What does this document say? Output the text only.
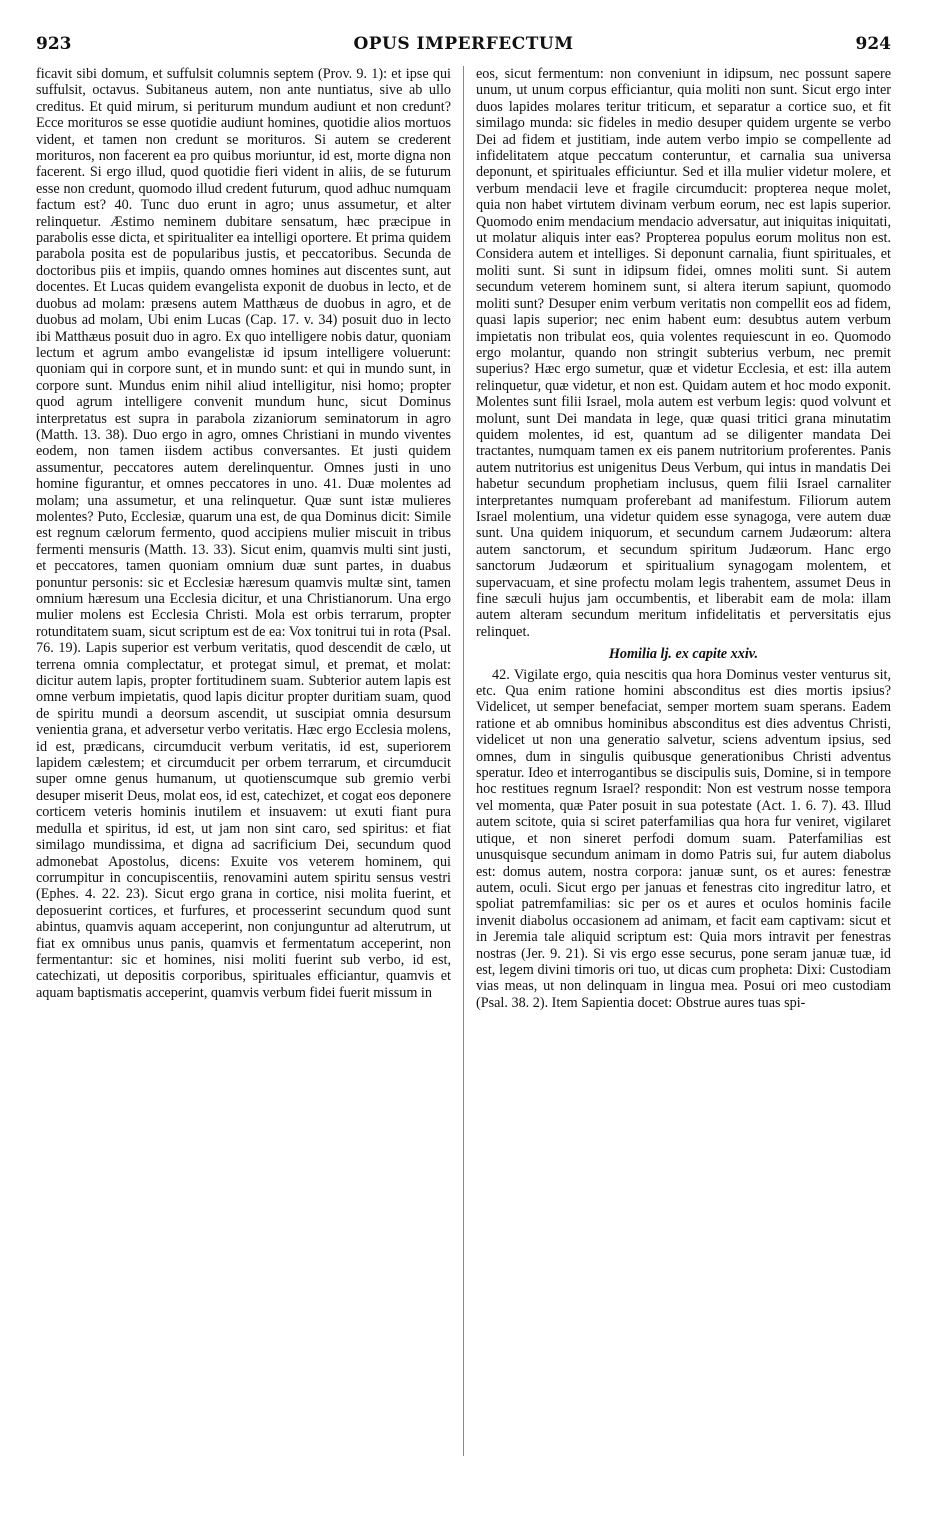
923	OPUS IMPERFECTUM	924

ficavit sibi domum, et suffulsit columnis septem (Prov. 9. 1): et ipse qui suffulsit, octavus. Subitaneus autem, non ante nuntiatus, sive ab ullo creditus. Et quid mirum, si periturum mundum audiunt et non credunt? Ecce morituros se esse quotidie audiunt homines, quotidie alios mortuos vident, et tamen non credunt se morituros. Si autem se crederent morituros, non facerent ea pro quibus moriuntur, id est, morte digna non facerent. Si ergo illud, quod quotidie fieri vident in aliis, de se futurum esse non credunt, quomodo illud credent futurum, quod adhuc numquam factum est? 40. Tunc duo erunt in agro; unus assumetur, et alter relinquetur. Æstimo neminem dubitare sensatum, hæc præcipue in parabolis esse dicta, et spiritualiter ea intelligi oportere. Et prima quidem parabola posita est de popularibus justis, et peccatoribus. Secunda de doctoribus piis et impiis, quando omnes homines aut discentes sunt, aut docentes. Et Lucas quidem evangelista exponit de duobus in lecto, et de duobus ad molam: præsens autem Matthæus de duobus in agro, et de duobus ad molam, Ubi enim Lucas (Cap. 17. v. 34) posuit duo in lecto ibi Matthæus posuit duo in agro. Ex quo intelligere nobis datur, quoniam lectum et agrum ambo evangelistæ id ipsum intelligere voluerunt: quoniam qui in corpore sunt, et in mundo sunt: et qui in mundo sunt, in corpore sunt. Mundus enim nihil aliud intelligitur, nisi homo; propter quod agrum intelligere convenit mundum hunc, sicut Dominus interpretatus est supra in parabola zizaniorum seminatorum in agro (Matth. 13. 38). Duo ergo in agro, omnes Christiani in mundo viventes eodem, non tamen iisdem actibus conversantes. Et justi quidem assumentur, peccatores autem derelinquentur. Omnes justi in uno homine figurantur, et omnes peccatores in uno. 41. Duæ molentes ad molam; una assumetur, et una relinquetur. Quæ sunt istæ mulieres molentes? Puto, Ecclesiæ, quarum una est, de qua Dominus dicit: Simile est regnum cælorum fermento, quod accipiens mulier miscuit in tribus fermenti mensuris (Matth. 13. 33). Sicut enim, quamvis multi sint justi, et peccatores, tamen quoniam omnium duæ sunt partes, in duabus ponuntur personis: sic et Ecclesiæ hæresum quamvis multæ sint, tamen omnium hæresum una Ecclesia dicitur, et una Christianorum. Una ergo mulier molens est Ecclesia Christi. Mola est orbis terrarum, propter rotunditatem suam, sicut scriptum est de ea: Vox tonitrui tui in rota (Psal. 76. 19). Lapis superior est verbum veritatis, quod descendit de cælo, ut terrena omnia complectatur, et protegat simul, et premat, et molat: dicitur autem lapis, propter fortitudinem suam. Subterior autem lapis est omne verbum impietatis, quod lapis dicitur propter duritiam suam, quod de spiritu mundi a deorsum ascendit, ut suscipiat omnia desursum venientia grana, et adversetur verbo veritatis. Hæc ergo Ecclesia molens, id est, prædicans, circumducit verbum veritatis, id est, superiorem lapidem cælestem; et circumducit per orbem terrarum, et circumducit super omne genus humanum, ut quotienscumque sub gremio verbi desuper miserit Deus, molat eos, id est, catechizet, et cogat eos deponere corticem veteris hominis inutilem et insuavem: ut exuti fiant pura medulla et spiritus, id est, ut jam non sint caro, sed spiritus: et fiat similago mundissima, et digna ad sacrificium Dei, secundum quod admonebat Apostolus, dicens: Exuite vos veterem hominem, qui corrumpitur in concupiscentiis, renovamini autem spiritu sensus vestri (Ephes. 4. 22. 23). Sicut ergo grana in cortice, nisi molita fuerint, et deposuerint cortices, et furfures, et processerint secundum quod sunt abintus, quamvis aquam acceperint, non conjunguntur ad alterutrum, ut fiat ex omnibus unus panis, quamvis et fermentatum acceperint, non fermentantur: sic et homines, nisi moliti fuerint sub verbo, id est, catechizati, ut depositis corporibus, spirituales efficiantur, quamvis et aquam baptismatis acceperint, quamvis verbum fidei fuerit missum in

eos, sicut fermentum: non conveniunt in idipsum, nec possunt sapere unum, ut unum corpus efficiantur, quia moliti non sunt. Sicut ergo inter duos lapides molares teritur triticum, et separatur a cortice suo, et fit similago munda: sic fideles in medio desuper quidem urgente se verbo Dei ad fidem et justitiam, inde autem verbo impio se compellente ad infidelitatem atque peccatum conteruntur, et carnalia sua universa deponunt, et spirituales efficiuntur. Sed et illa mulier videtur molere, et verbum mendacii leve et fragile circumducit: propterea neque molet, quia non habet virtutem divinam verbum eorum, nec est lapis superior. Quomodo enim mendacium mendacio adversatur, aut iniquitas iniquitati, ut molatur aliquis inter eas? Propterea populus eorum molitus non est. Considera autem et intelliges. Si deponunt carnalia, fiunt spirituales, et moliti sunt. Si sunt in idipsum fidei, omnes moliti sunt. Si autem secundum veterem hominem sunt, si altera iterum sapiunt, quomodo moliti sunt? Desuper enim verbum veritatis non compellit eos ad fidem, quasi lapis superior; nec enim habent eum: desubtus autem verbum impietatis non tribulat eos, quia volentes requiescunt in eo. Quomodo ergo molantur, quando non stringit subterius verbum, nec premit superius? Hæc ergo sumetur, quæ et videtur Ecclesia, et est: illa autem relinquetur, quæ videtur, et non est. Quidam autem et hoc modo exponit. Molentes sunt filii Israel, mola autem est verbum legis: quod volvunt et molunt, sunt Dei mandata in lege, quæ quasi tritici grana minutatim quidem molentes, id est, quantum ad se diligenter mandata Dei tractantes, numquam tamen ex eis panem nutritorium proferentes. Panis autem nutritorius est unigenitus Deus Verbum, qui intus in mandatis Dei habetur secundum prophetiam inclusus, quem filii Israel carnaliter interpretantes numquam proferebant ad manifestum. Filiorum autem Israel molentium, una videtur quidem esse synagoga, vere autem duæ sunt. Una quidem iniquorum, et secundum carnem Judæorum: altera autem sanctorum, et secundum spiritum Judæorum. Hanc ergo sanctorum Judæorum et spiritualium synagogam molentem, et supervacuam, et sine profectu molam legis trahentem, assumet Deus in fine sæculi hujus jam occumbentis, et liberabit eam de mola: illam autem alteram secundum meritum infidelitatis et perversitatis ejus relinquet.

Homilia lj. ex capite xxiv.

42. Vigilate ergo, quia nescitis qua hora Dominus vester venturus sit, etc. Qua enim ratione homini absconditus est dies mortis ipsius? Videlicet, ut semper benefaciat, semper mortem suam sperans. Eadem ratione et ab omnibus hominibus absconditus est dies adventus Christi, videlicet ut non una generatio salvetur, sciens adventum ipsius, sed omnes, dum in singulis quibusque generationibus Christi adventus speratur. Ideo et interrogantibus se discipulis suis, Domine, si in tempore hoc restitues regnum Israel? respondit: Non est vestrum nosse tempora vel momenta, quæ Pater posuit in sua potestate (Act. 1. 6. 7). 43. Illud autem scitote, quia si sciret paterfamilias qua hora fur veniret, vigilaret utique, et non sineret perfodi domum suam. Paterfamilias est unusquisque secundum animam in domo Patris sui, fur autem diabolus est: domus autem, nostra corpora: januæ sunt, os et aures: fenestræ autem, oculi. Sicut ergo per januas et fenestras cito ingreditur latro, et spoliat patremfamilias: sic per os et aures et oculos hominis facile invenit diabolus occasionem ad animam, et facit eam captivam: sicut et in Jeremia tale aliquid scriptum est: Quia mors intravit per fenestras nostras (Jer. 9. 21). Si vis ergo esse securus, pone seram januæ tuæ, id est, legem divini timoris ori tuo, ut dicas cum propheta: Dixi: Custodiam vias meas, ut non delinquam in lingua mea. Posui ori meo custodiam (Psal. 38. 2). Item Sapientia docet: Obstrue aures tuas spi-
